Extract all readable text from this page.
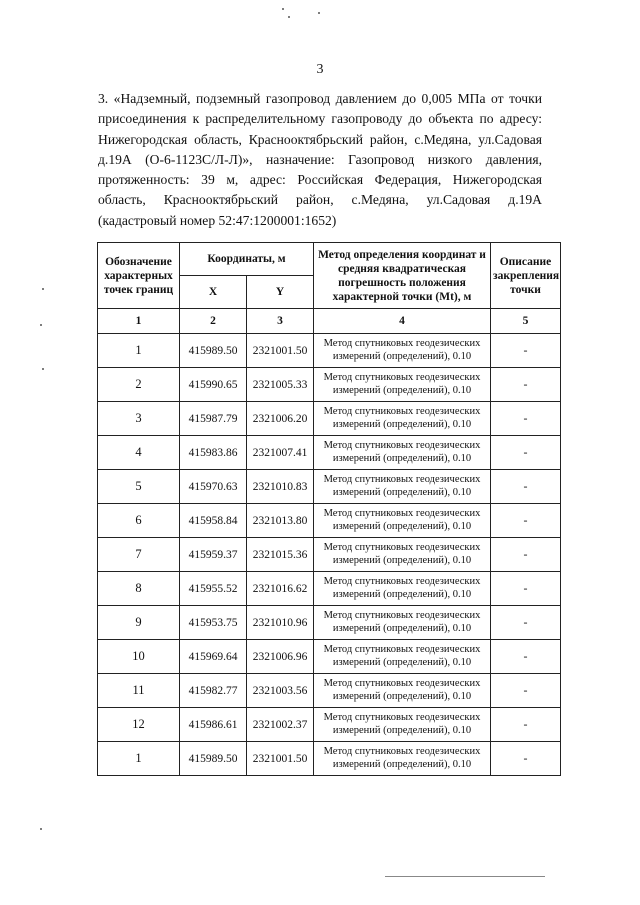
3

3. «Надземный, подземный газопровод давлением до 0,005 МПа от точки присоединения к распределительному газопроводу до объекта по адресу: Нижегородская область, Краснооктябрьский район, с.Медяна, ул.Садовая д.19А (О-6-1123С/Л-Л)», назначение: Газопровод низкого давления, протяженность: 39 м, адрес: Российская Федерация, Нижегородская область, Краснооктябрьский район, с.Медяна, ул.Садовая д.19А (кадастровый номер 52:47:1200001:1652)

Обозначение характерных точек границ	Координаты, м		Метод определения координат и средняя квадратическая погрешность положения характерной точки (Mt), м	Описание закрепления точки
	X	Y		
1	2	3	4	5
1	415989.50	2321001.50	Метод спутниковых геодезических измерений (определений), 0.10	-
2	415990.65	2321005.33	Метод спутниковых геодезических измерений (определений), 0.10	-
3	415987.79	2321006.20	Метод спутниковых геодезических измерений (определений), 0.10	-
4	415983.86	2321007.41	Метод спутниковых геодезических измерений (определений), 0.10	-
5	415970.63	2321010.83	Метод спутниковых геодезических измерений (определений), 0.10	-
6	415958.84	2321013.80	Метод спутниковых геодезических измерений (определений), 0.10	-
7	415959.37	2321015.36	Метод спутниковых геодезических измерений (определений), 0.10	-
8	415955.52	2321016.62	Метод спутниковых геодезических измерений (определений), 0.10	-
9	415953.75	2321010.96	Метод спутниковых геодезических измерений (определений), 0.10	-
10	415969.64	2321006.96	Метод спутниковых геодезических измерений (определений), 0.10	-
11	415982.77	2321003.56	Метод спутниковых геодезических измерений (определений), 0.10	-
12	415986.61	2321002.37	Метод спутниковых геодезических измерений (определений), 0.10	-
1	415989.50	2321001.50	Метод спутниковых геодезических измерений (определений), 0.10	-
